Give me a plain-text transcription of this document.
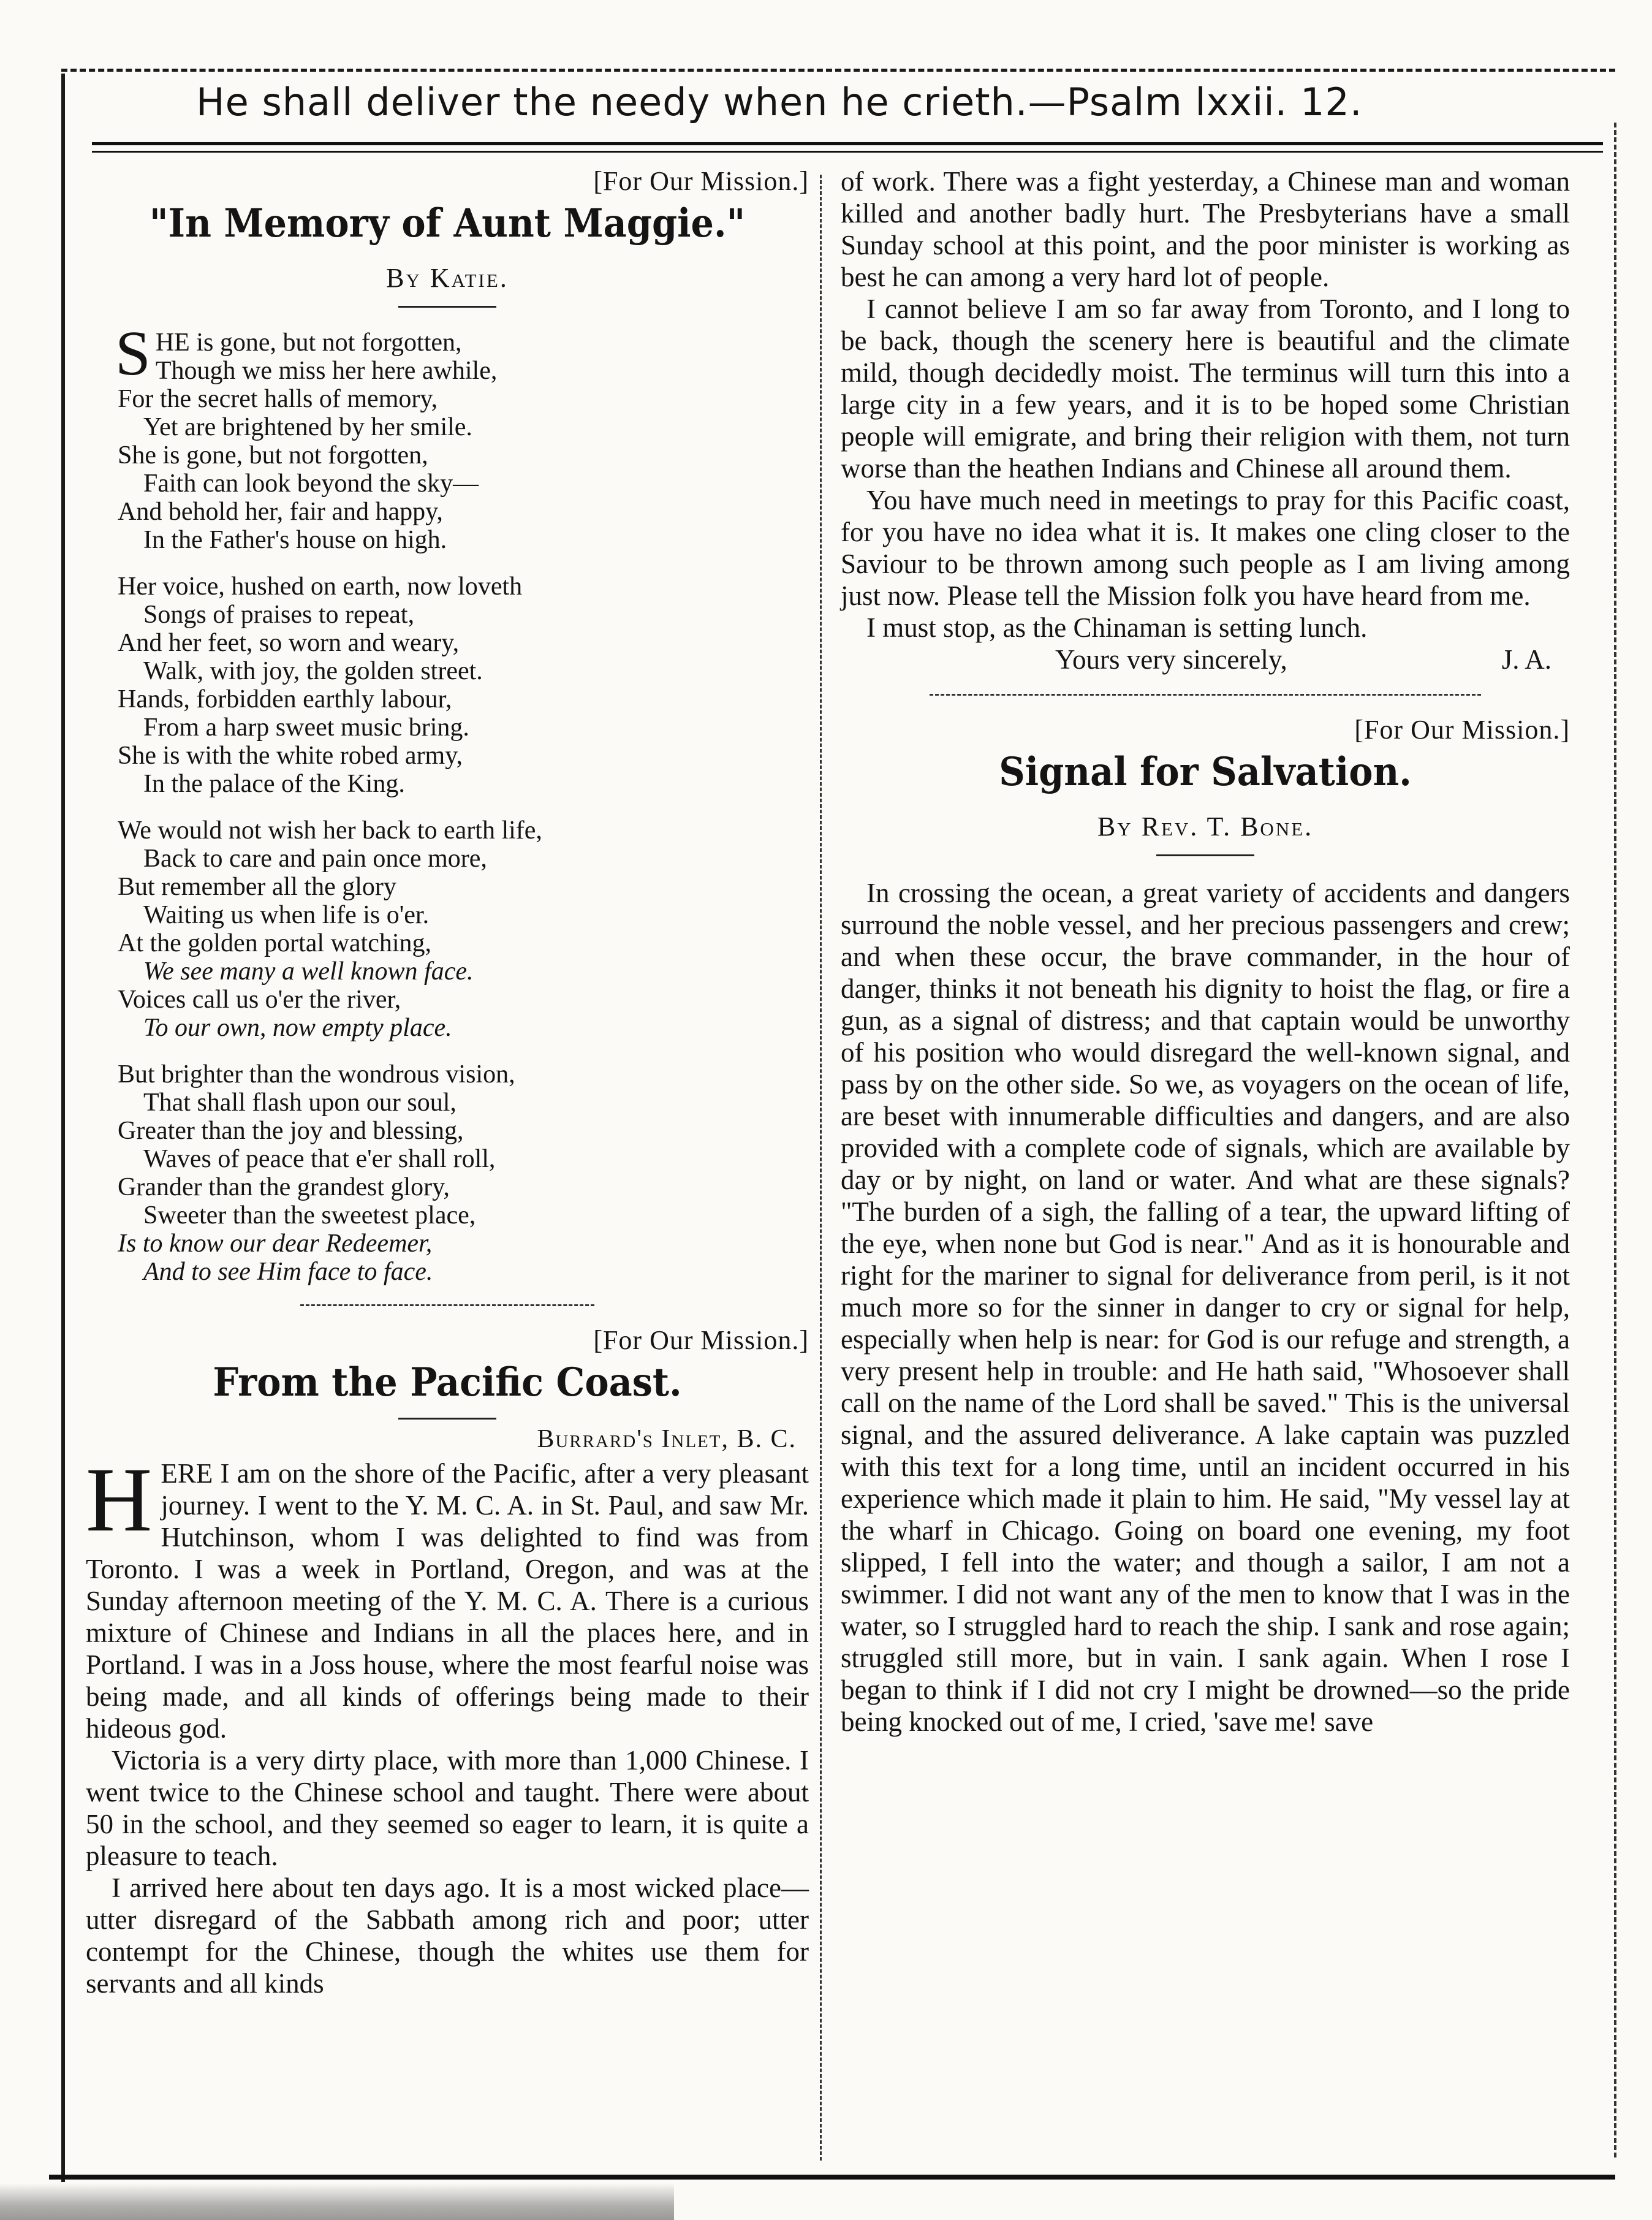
He shall deliver the needy when he crieth.—Psalm lxxii. 12.

[For Our Mission.]

"In Memory of Aunt Maggie."

By Katie.

S HE is gone, but not forgotten,
Though we miss her here awhile,
For the secret halls of memory,
Yet are brightened by her smile.
She is gone, but not forgotten,
Faith can look beyond the sky—
And behold her, fair and happy,
In the Father's house on high.
Her voice, hushed on earth, now loveth
Songs of praises to repeat,
And her feet, so worn and weary,
Walk, with joy, the golden street.
Hands, forbidden earthly labour,
From a harp sweet music bring.
She is with the white robed army,
In the palace of the King.
We would not wish her back to earth life,
Back to care and pain once more,
But remember all the glory
Waiting us when life is o'er.
At the golden portal watching,
We see many a well known face.
Voices call us o'er the river,
To our own, now empty place.
But brighter than the wondrous vision,
That shall flash upon our soul,
Greater than the joy and blessing,
Waves of peace that e'er shall roll,
Grander than the grandest glory,
Sweeter than the sweetest place,
Is to know our dear Redeemer,
And to see Him face to face.

[For Our Mission.]

From the Pacific Coast.

Burrard's Inlet, B. C.

HERE I am on the shore of the Pacific, after a very pleasant journey. I went to the Y. M. C. A. in St. Paul, and saw Mr. Hutchinson, whom I was delighted to find was from Toronto. I was a week in Portland, Oregon, and was at the Sunday afternoon meeting of the Y. M. C. A. There is a curious mixture of Chinese and Indians in all the places here, and in Portland. I was in a Joss house, where the most fearful noise was being made, and all kinds of offerings being made to their hideous god.

Victoria is a very dirty place, with more than 1,000 Chinese. I went twice to the Chinese school and taught. There were about 50 in the school, and they seemed so eager to learn, it is quite a pleasure to teach.

I arrived here about ten days ago. It is a most wicked place—utter disregard of the Sabbath among rich and poor; utter contempt for the Chinese, though the whites use them for servants and all kinds

of work. There was a fight yesterday, a Chinese man and woman killed and another badly hurt. The Presbyterians have a small Sunday school at this point, and the poor minister is working as best he can among a very hard lot of people.

I cannot believe I am so far away from Toronto, and I long to be back, though the scenery here is beautiful and the climate mild, though decidedly moist. The terminus will turn this into a large city in a few years, and it is to be hoped some Christian people will emigrate, and bring their religion with them, not turn worse than the heathen Indians and Chinese all around them.

You have much need in meetings to pray for this Pacific coast, for you have no idea what it is. It makes one cling closer to the Saviour to be thrown among such people as I am living among just now. Please tell the Mission folk you have heard from me.

I must stop, as the Chinaman is setting lunch.

Yours very sincerely,	J. A.

[For Our Mission.]

Signal for Salvation.

By Rev. T. Bone.

In crossing the ocean, a great variety of accidents and dangers surround the noble vessel, and her precious passengers and crew; and when these occur, the brave commander, in the hour of danger, thinks it not beneath his dignity to hoist the flag, or fire a gun, as a signal of distress; and that captain would be unworthy of his position who would disregard the well-known signal, and pass by on the other side. So we, as voyagers on the ocean of life, are beset with innumerable difficulties and dangers, and are also provided with a complete code of signals, which are available by day or by night, on land or water. And what are these signals? "The burden of a sigh, the falling of a tear, the upward lifting of the eye, when none but God is near." And as it is honourable and right for the mariner to signal for deliverance from peril, is it not much more so for the sinner in danger to cry or signal for help, especially when help is near: for God is our refuge and strength, a very present help in trouble: and He hath said, "Whosoever shall call on the name of the Lord shall be saved." This is the universal signal, and the assured deliverance. A lake captain was puzzled with this text for a long time, until an incident occurred in his experience which made it plain to him. He said, "My vessel lay at the wharf in Chicago. Going on board one evening, my foot slipped, I fell into the water; and though a sailor, I am not a swimmer. I did not want any of the men to know that I was in the water, so I struggled hard to reach the ship. I sank and rose again; struggled still more, but in vain. I sank again. When I rose I began to think if I did not cry I might be drowned—so the pride being knocked out of me, I cried, 'save me! save
